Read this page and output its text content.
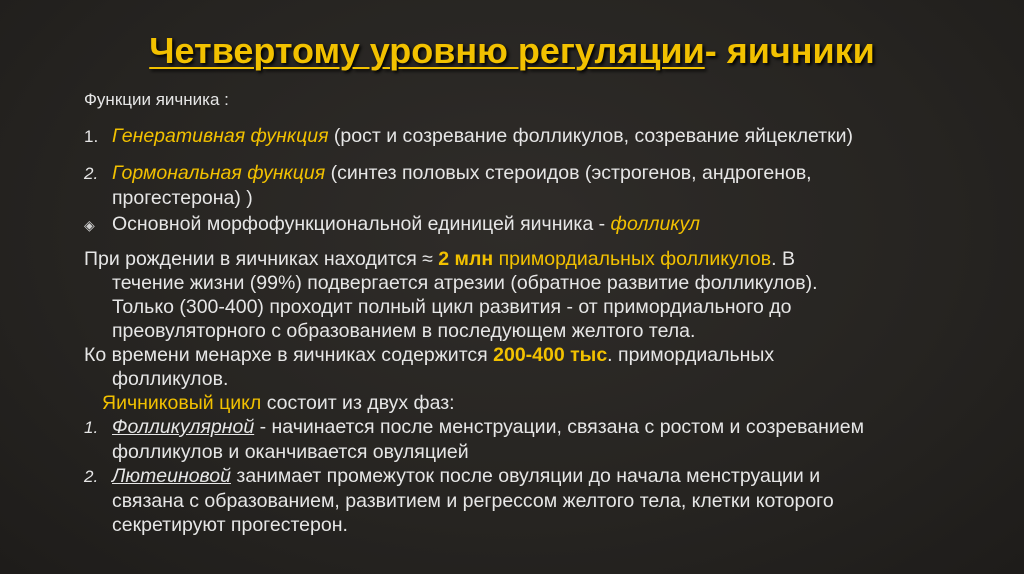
Четвертому уровню регуляции- яичники
Функции яичника :
1. Генеративная функция (рост и созревание фолликулов, созревание яйцеклетки)
2. Гормональная функция (синтез половых стероидов (эстрогенов, андрогенов,
прогестерона) )
◈ Основной морфофункциональной единицей яичника - фолликул
При рождении в яичниках находится ≈ 2 млн примордиальных фолликулов. В
течение жизни (99%) подвергается атрезии (обратное развитие фолликулов).
Только (300-400) проходит полный цикл развития - от примордиального до
преовуляторного с образованием в последующем желтого тела.
Ко времени менархе в яичниках содержится 200-400 тыс. примордиальных
фолликулов.
Яичниковый цикл состоит из двух фаз:
1. Фолликулярной - начинается после менструации, связана с ростом и созреванием
фолликулов и оканчивается овуляцией
2. Лютеиновой занимает промежуток после овуляции до начала менструации и
связана с образованием, развитием и регрессом желтого тела, клетки которого
секретируют прогестерон.
